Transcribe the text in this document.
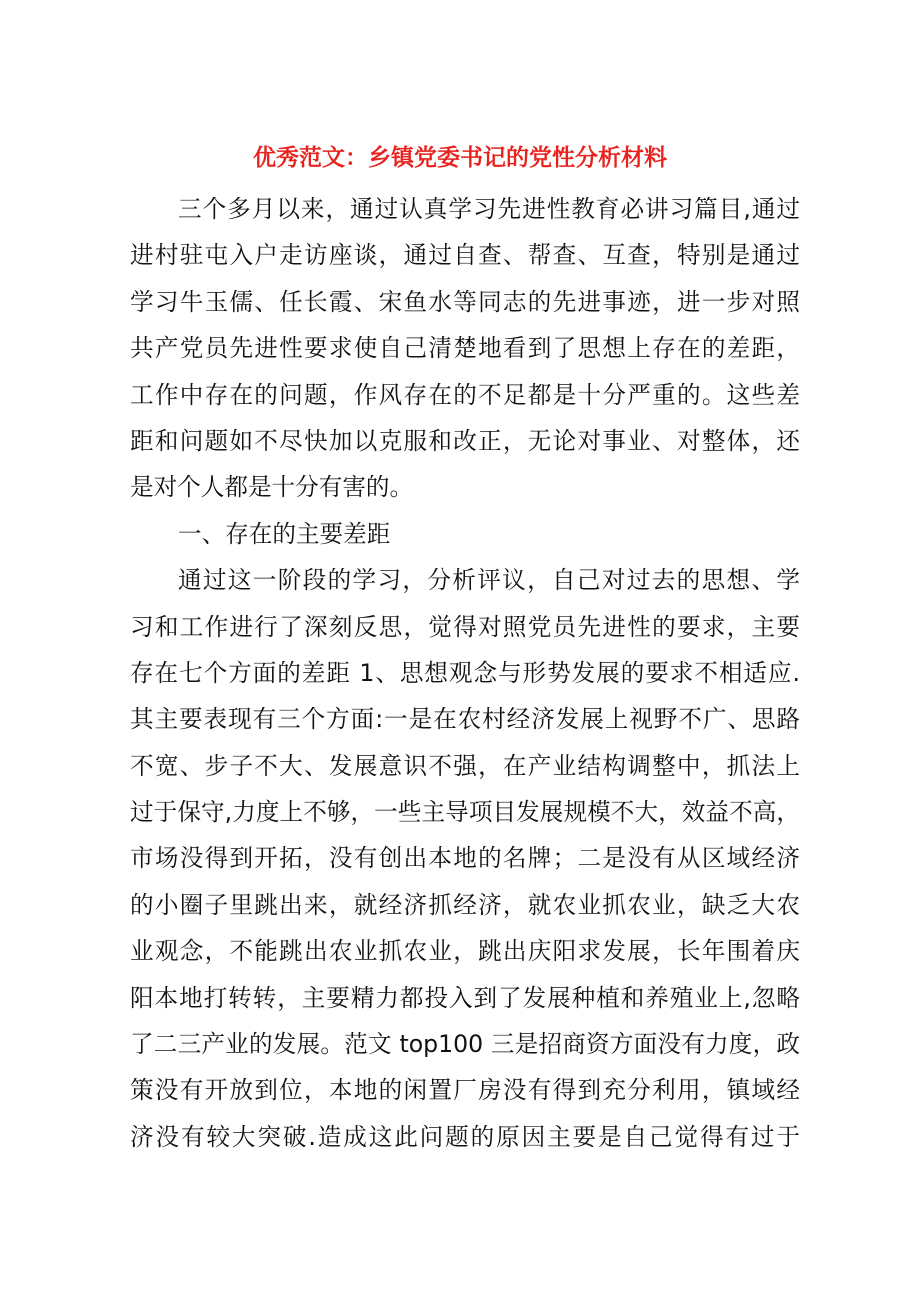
优秀范文：乡镇党委书记的党性分析材料
三个多月以来，通过认真学习先进性教育必讲习篇目,通过
进村驻屯入户走访座谈，通过自查、帮查、互查，特别是通过
学习牛玉儒、任长霞、宋鱼水等同志的先进事迹，进一步对照
共产党员先进性要求使自己清楚地看到了思想上存在的差距，
工作中存在的问题，作风存在的不足都是十分严重的。这些差
距和问题如不尽快加以克服和改正，无论对事业、对整体，还
是对个人都是十分有害的。
一、存在的主要差距
通过这一阶段的学习，分析评议，自己对过去的思想、学
习和工作进行了深刻反思，觉得对照党员先进性的要求，主要
存在七个方面的差距 1、思想观念与形势发展的要求不相适应.
其主要表现有三个方面:一是在农村经济发展上视野不广、思路
不宽、步子不大、发展意识不强，在产业结构调整中，抓法上
过于保守,力度上不够，一些主导项目发展规模不大，效益不高，
市场没得到开拓，没有创出本地的名牌；二是没有从区域经济
的小圈子里跳出来，就经济抓经济，就农业抓农业，缺乏大农
业观念，不能跳出农业抓农业，跳出庆阳求发展，长年围着庆
阳本地打转转，主要精力都投入到了发展种植和养殖业上,忽略
了二三产业的发展。范文 top100 三是招商资方面没有力度，政
策没有开放到位，本地的闲置厂房没有得到充分利用，镇域经
济没有较大突破.造成这此问题的原因主要是自己觉得有过于
